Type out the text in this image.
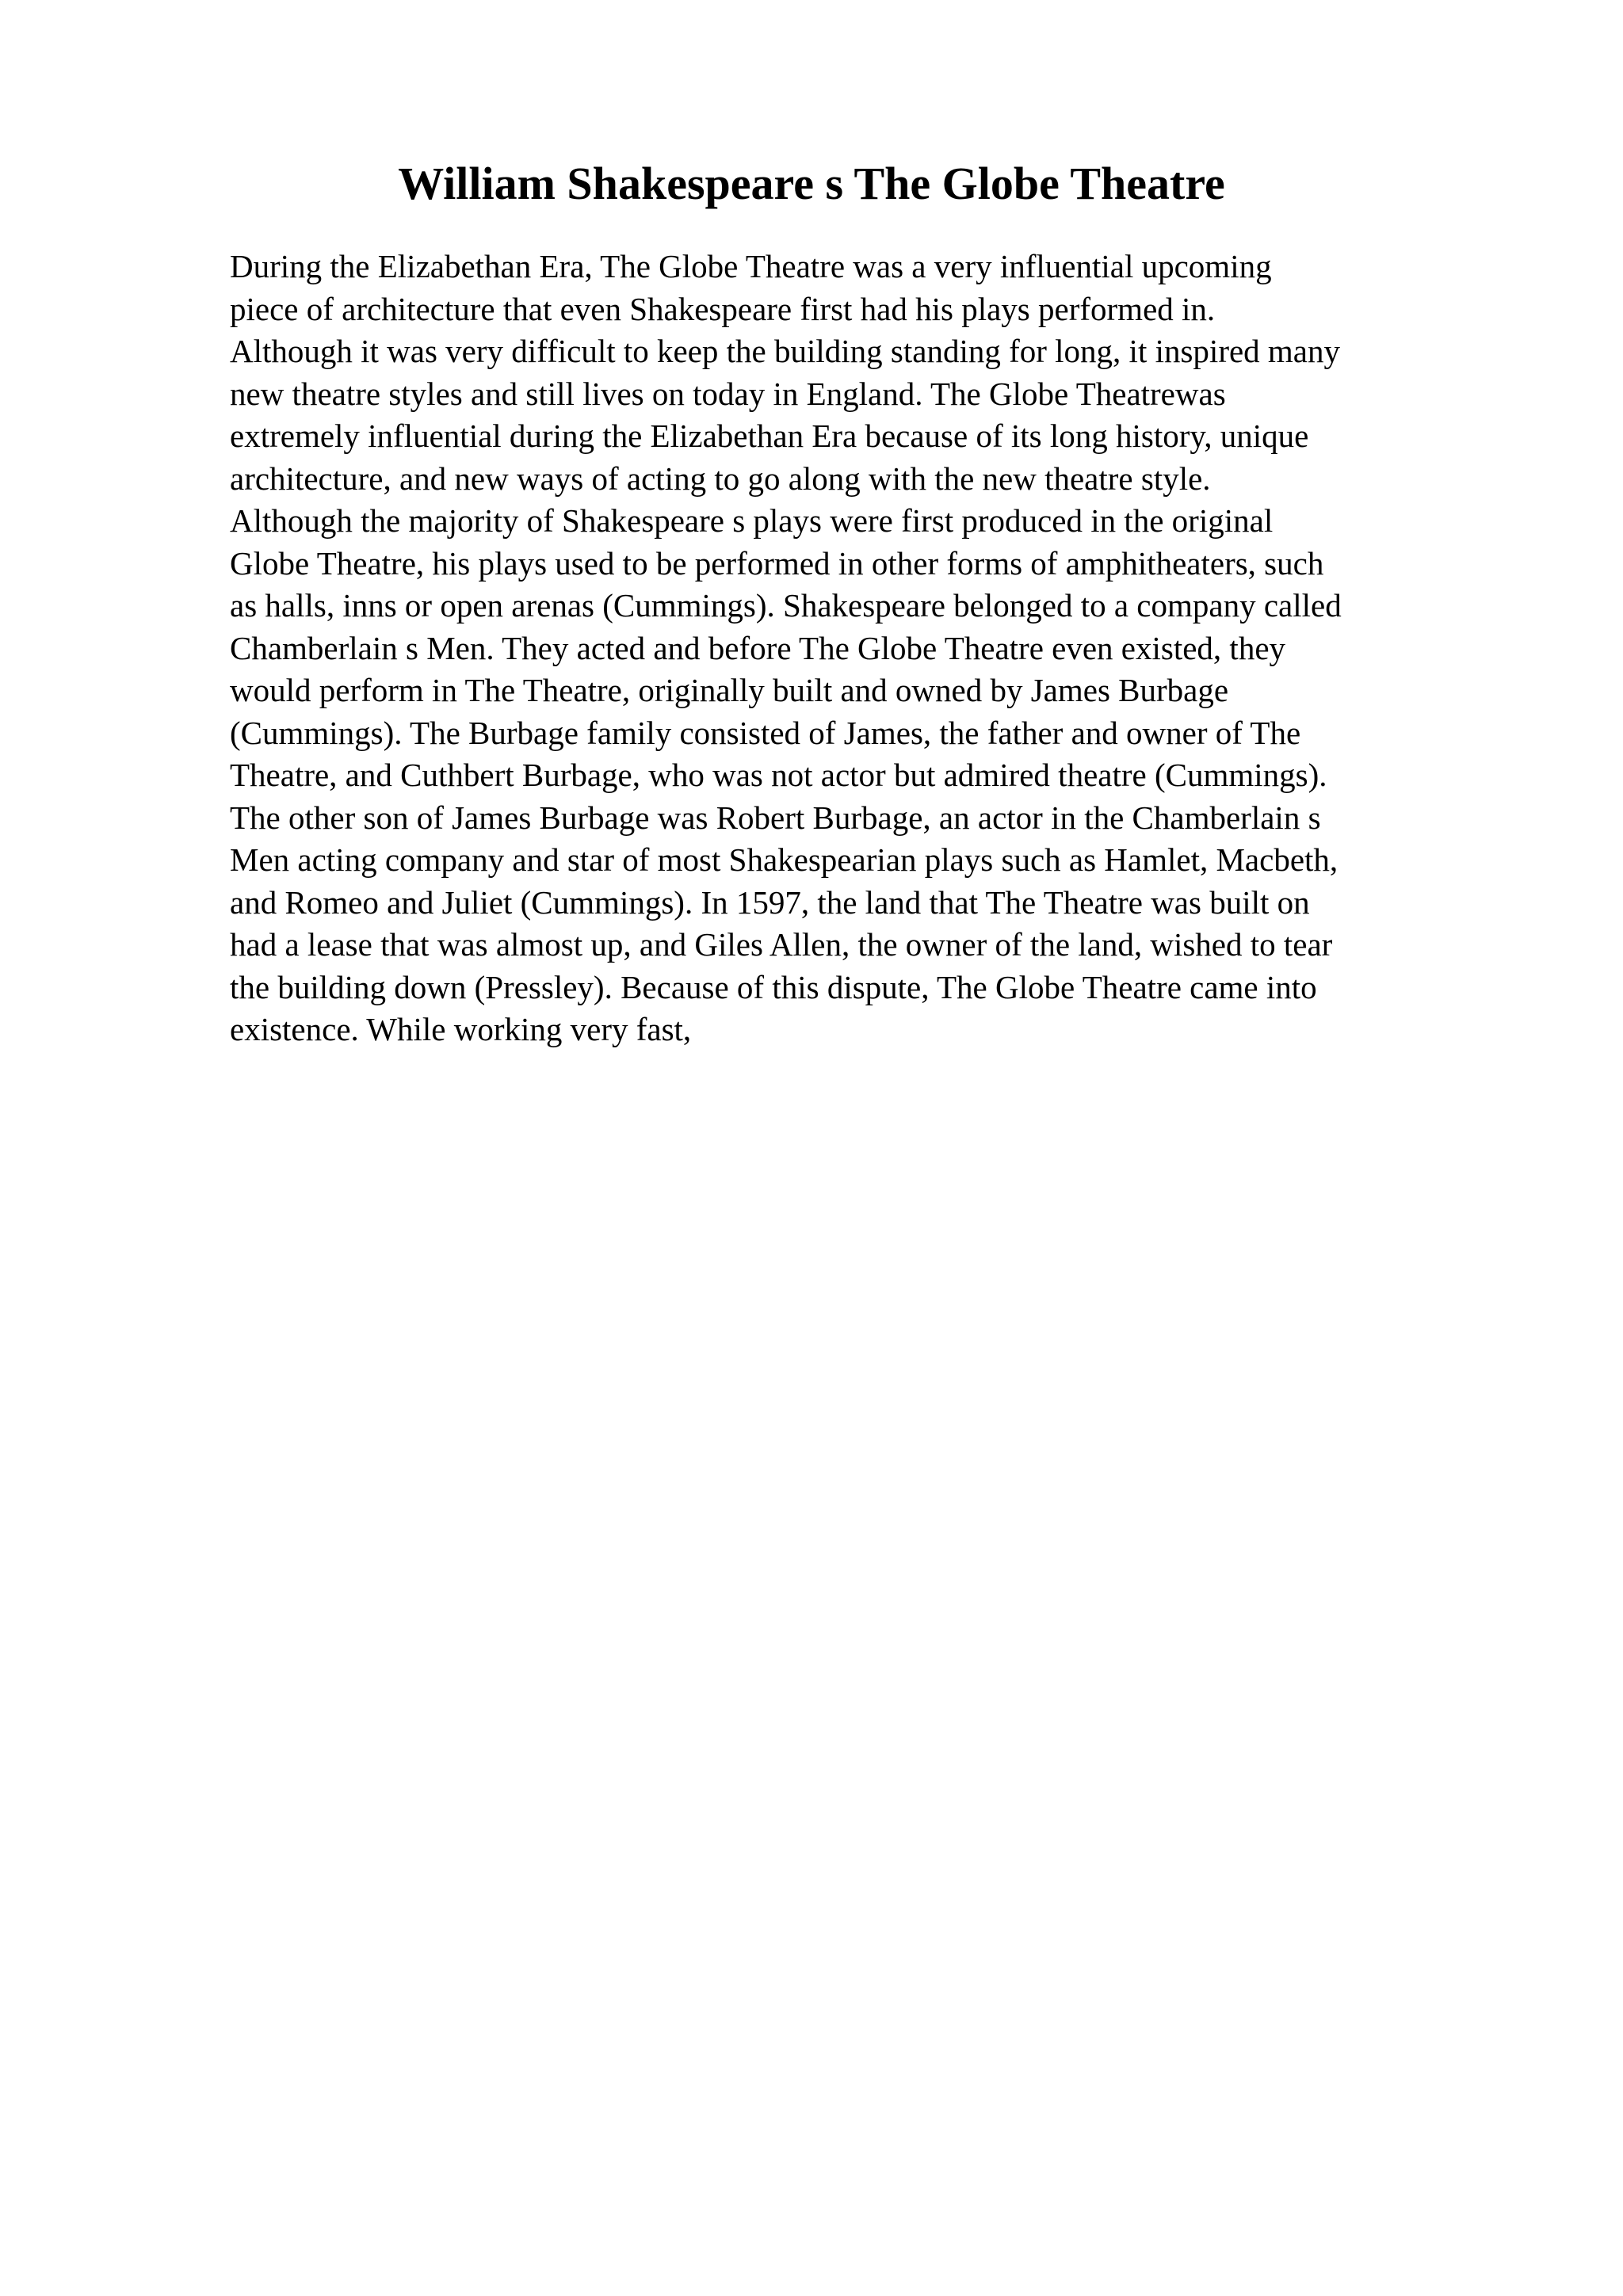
William Shakespeare s The Globe Theatre
During the Elizabethan Era, The Globe Theatre was a very influential upcoming
piece of architecture that even Shakespeare first had his plays performed in.
Although it was very difficult to keep the building standing for long, it inspired many
new theatre styles and still lives on today in England. The Globe Theatrewas
extremely influential during the Elizabethan Era because of its long history, unique
architecture, and new ways of acting to go along with the new theatre style.
Although the majority of Shakespeare s plays were first produced in the original
Globe Theatre, his plays used to be performed in other forms of amphitheaters, such
as halls, inns or open arenas (Cummings). Shakespeare belonged to a company called
Chamberlain s Men. They acted and before The Globe Theatre even existed, they
would perform in The Theatre, originally built and owned by James Burbage
(Cummings). The Burbage family consisted of James, the father and owner of The
Theatre, and Cuthbert Burbage, who was not actor but admired theatre (Cummings).
The other son of James Burbage was Robert Burbage, an actor in the Chamberlain s
Men acting company and star of most Shakespearian plays such as Hamlet, Macbeth,
and Romeo and Juliet (Cummings). In 1597, the land that The Theatre was built on
had a lease that was almost up, and Giles Allen, the owner of the land, wished to tear
the building down (Pressley). Because of this dispute, The Globe Theatre came into
existence. While working very fast,
